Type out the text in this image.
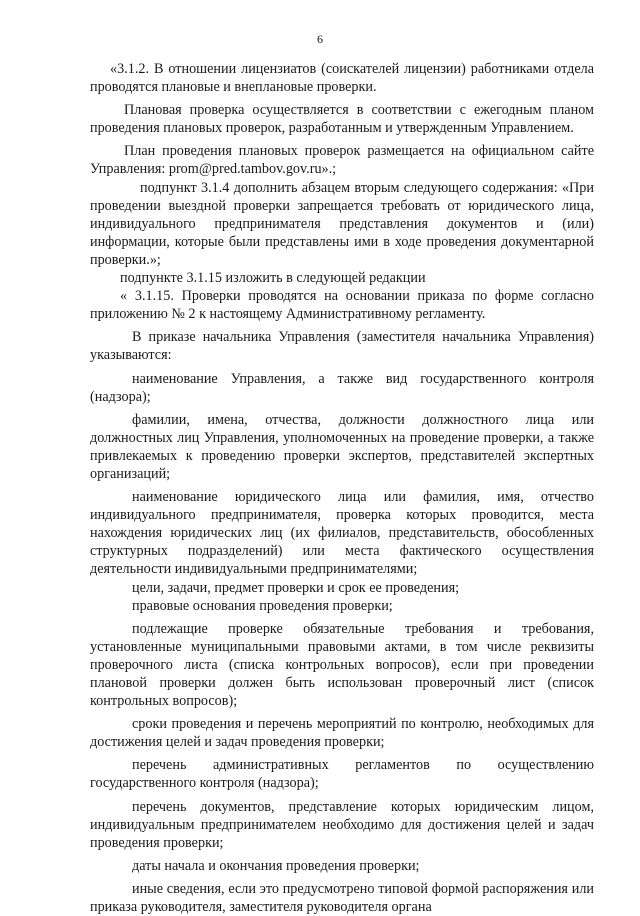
6

«3.1.2. В отношении лицензиатов (соискателей лицензии) работниками отдела проводятся плановые и внеплановые проверки.

Плановая проверка осуществляется в соответствии с ежегодным планом проведения плановых проверок, разработанным и утвержденным Управлением.

План проведения плановых проверок размещается на официальном сайте Управления: prom@pred.tambov.gov.ru».;

подпункт 3.1.4 дополнить абзацем вторым следующего содержания: «При проведении выездной проверки запрещается требовать от юридического лица, индивидуального предпринимателя представления документов и (или) информации, которые были представлены ими в ходе проведения документарной проверки.»;

подпункте 3.1.15 изложить в следующей редакции

« 3.1.15. Проверки проводятся на основании приказа по форме согласно приложению № 2 к настоящему Административному регламенту.

В приказе начальника Управления (заместителя начальника Управления) указываются:

наименование Управления, а также вид государственного контроля (надзора);

фамилии, имена, отчества, должности должностного лица или должностных лиц Управления, уполномоченных на проведение проверки, а также привлекаемых к проведению проверки экспертов, представителей экспертных организаций;

наименование юридического лица или фамилия, имя, отчество индивидуального предпринимателя, проверка которых проводится, места нахождения юридических лиц (их филиалов, представительств, обособленных структурных подразделений) или места фактического осуществления деятельности индивидуальными предпринимателями;

цели, задачи, предмет проверки и срок ее проведения;

правовые основания проведения проверки;

подлежащие проверке обязательные требования и требования, установленные муниципальными правовыми актами, в том числе реквизиты проверочного листа (списка контрольных вопросов), если при проведении плановой проверки должен быть использован проверочный лист (список контрольных вопросов);

сроки проведения и перечень мероприятий по контролю, необходимых для достижения целей и задач проведения проверки;

перечень административных регламентов по осуществлению государственного контроля (надзора);

перечень документов, представление которых юридическим лицом, индивидуальным предпринимателем необходимо для достижения целей и задач проведения проверки;

даты начала и окончания проведения проверки;

иные сведения, если это предусмотрено типовой формой распоряжения или приказа руководителя, заместителя руководителя органа
